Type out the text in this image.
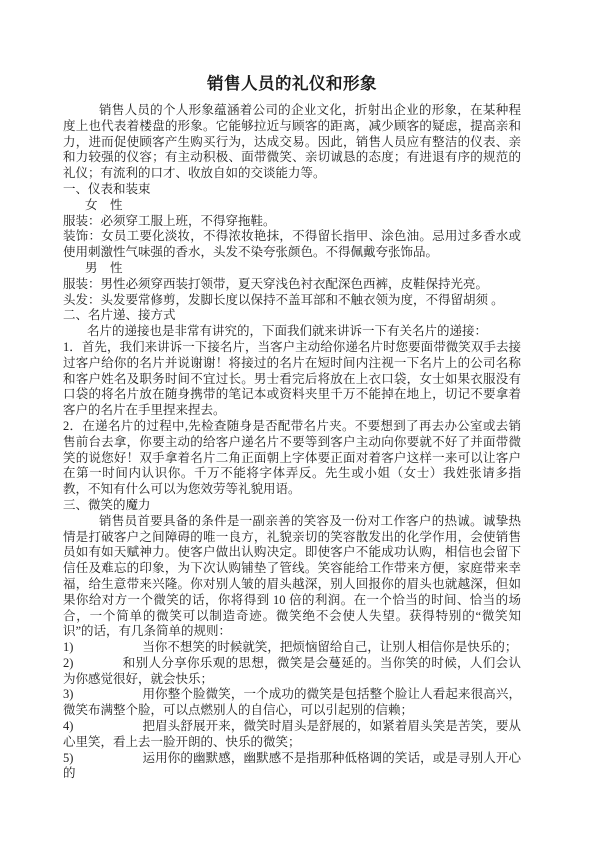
销售人员的礼仪和形象

销售人员的个人形象蕴涵着公司的企业文化，折射出企业的形象，在某种程度上也代表着楼盘的形象。它能够拉近与顾客的距离，减少顾客的疑虑，提高亲和力，进而促使顾客产生购买行为，达成交易。因此，销售人员应有整洁的仪表、亲和力较强的仪容；有主动积极、面带微笑、亲切诚恳的态度；有进退有序的规范的礼仪；有流利的口才、收放自如的交谈能力等。

一、仪表和装束

女　性

服装：必须穿工服上班，不得穿拖鞋。

装饰：女员工要化淡妆，不得浓妆艳抹，不得留长指甲、涂色油。忌用过多香水或使用刺激性气味强的香水，头发不染夸张颜色。不得佩戴夸张饰品。

男　性

服装：男性必须穿西装打领带，夏天穿浅色衬衣配深色西裤，皮鞋保持光亮。

头发：头发要常修剪，发脚长度以保持不盖耳部和不触衣领为度，不得留胡须 。

二、名片递、接方式

名片的递接也是非常有讲究的，下面我们就来讲诉一下有关名片的递接：

1．首先，我们来讲诉一下接名片，当客户主动给你递名片时您要面带微笑双手去接过客户给你的名片并说谢谢！将接过的名片在短时间内注视一下名片上的公司名称和客户姓名及职务时间不宜过长。男士看完后将放在上衣口袋，女士如果衣服没有口袋的将名片放在随身携带的笔记本或资料夹里千万不能掉在地上，切记不要拿着客户的名片在手里捏来捏去。

2．在递名片的过程中,先检查随身是否配带名片夹。不要想到了再去办公室或去销售前台去拿，你要主动的给客户递名片不要等到客户主动向你要就不好了并面带微笑的说您好！双手拿着名片二角正面朝上字体要正面对着客户这样一来可以让客户在第一时间内认识你。千万不能将字体弄反。先生或小姐（女士）我姓张请多指教，不知有什么可以为您效劳等礼貌用语。

三、微笑的魔力

销售员首要具备的条件是一副亲善的笑容及一份对工作客户的热诚。诚挚热情是打破客户之间障碍的唯一良方，礼貌亲切的笑容散发出的化学作用，会使销售员如有如天赋神力。使客户做出认购决定。即使客户不能成功认购，相信也会留下信任及难忘的印象，为下次认购铺垫了管线。笑容能给工作带来方便，家庭带来幸福，给生意带来兴隆。你对别人皱的眉头越深，别人回报你的眉头也就越深，但如果你给对方一个微笑的话，你将得到 10 倍的利润。在一个恰当的时间、恰当的场合，一个简单的微笑可以制造奇迹。微笑绝不会使人失望。获得特别的“微笑知识”的话，有几条简单的规则：

1)	当你不想笑的时候就笑，把烦恼留给自己，让别人相信你是快乐的；
2)	和别人分享你乐观的思想，微笑是会蔓延的。当你笑的时候，人们会认为你感觉很好，就会快乐；
3)	用你整个脸微笑，一个成功的微笑是包括整个脸让人看起来很高兴，微笑布满整个脸，可以点燃别人的自信心，可以引起别的信赖；
4)	把眉头舒展开来，微笑时眉头是舒展的，如紧着眉头笑是苦笑，要从心里笑，看上去一脸开朗的、快乐的微笑；
5)	运用你的幽默感，幽默感不是指那种低格调的笑话，或是寻别人开心的
